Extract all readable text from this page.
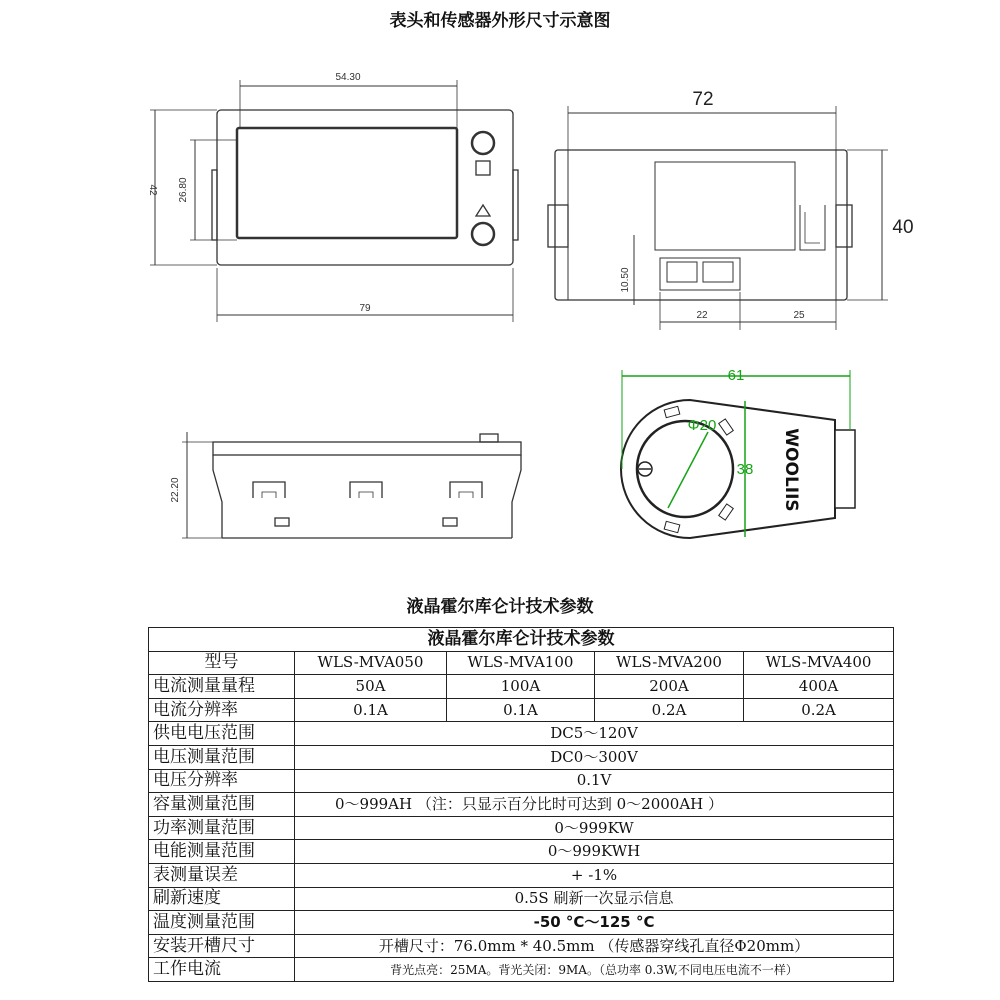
表头和传感器外形尺寸示意图
54.30
42 26.80
79
72
40
10.50
22	25
22.20
61
Φ20
38 WOOLIIS
液晶霍尔库仑计技术参数
液晶霍尔库仑计技术参数				
型号	WLS-MVA050	WLS-MVA100	WLS-MVA200	WLS-MVA400
电流测量量程	50A	100A	200A	400A
电流分辨率	0.1A	0.1A	0.2A	0.2A
供电电压范围	DC5～120V			
电压测量范围	DC0～300V			
电压分辨率	0.1V			
容量测量范围	0～999AH （注：只显示百分比时可达到 0～2000AH ）			
功率测量范围	0～999KW			
电能测量范围	0～999KWH			
表测量误差	+ -1%			
刷新速度	0.5S 刷新一次显示信息			
温度测量范围	-50 °C～125 °C			
安装开槽尺寸	开槽尺寸：76.0mm * 40.5mm （传感器穿线孔直径Φ20mm）			
工作电流	背光点亮：25MA。背光关闭：9MA。（总功率 0.3W,不同电压电流不一样）			
